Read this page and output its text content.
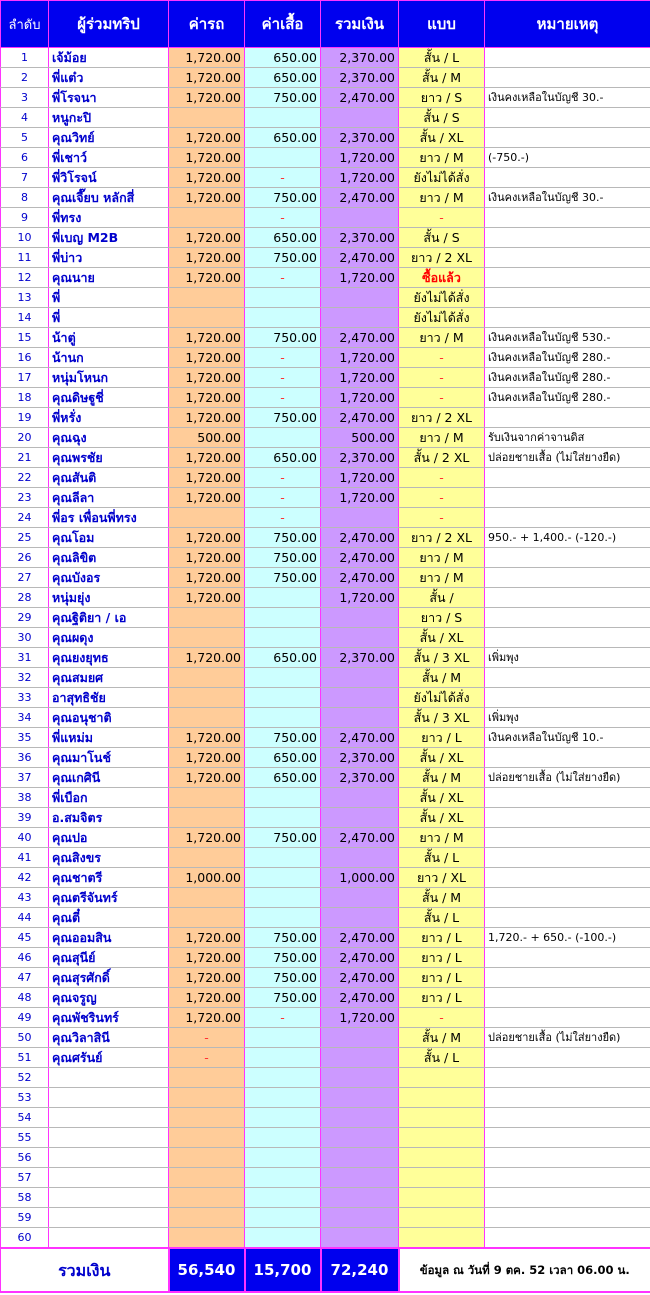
ลำดับ	ผู้ร่วมทริป	ค่ารถ	ค่าเสื้อ	รวมเงิน	แบบ	หมายเหตุ
1	เจ้ม้อย	1,720.00	650.00	2,370.00	สั้น / L	
2	พี่แต๋ว	1,720.00	650.00	2,370.00	สั้น / M	
3	พี่โรจนา	1,720.00	750.00	2,470.00	ยาว / S	เงินคงเหลือในบัญชี 30.-
4	หนูกะปิ				สั้น / S	
5	คุณวิทย์	1,720.00	650.00	2,370.00	สั้น / XL	
6	พี่เชาว์	1,720.00		1,720.00	ยาว / M	(-750.-)
7	พี่วิโรจน์	1,720.00	-	1,720.00	ยังไม่ได้สั่ง	
8	คุณเจี๊ยบ หลักสี่	1,720.00	750.00	2,470.00	ยาว / M	เงินคงเหลือในบัญชี 30.-
9	พี่ทรง		-		-	
10	พี่เบญ M2B	1,720.00	650.00	2,370.00	สั้น / S	
11	พี่บ่าว	1,720.00	750.00	2,470.00	ยาว / 2 XL	
12	คุณนาย	1,720.00	-	1,720.00	ซื้อแล้ว	
13	พี่				ยังไม่ได้สั่ง	
14	พี่				ยังไม่ได้สั่ง	
15	น้าตู่	1,720.00	750.00	2,470.00	ยาว / M	เงินคงเหลือในบัญชี 530.-
16	น้านก	1,720.00	-	1,720.00	-	เงินคงเหลือในบัญชี 280.-
17	หนุ่มโหนก	1,720.00	-	1,720.00	-	เงินคงเหลือในบัญชี 280.-
18	คุณดิษฐูชี่	1,720.00	-	1,720.00	-	เงินคงเหลือในบัญชี 280.-
19	พี่หรั่ง	1,720.00	750.00	2,470.00	ยาว / 2 XL	
20	คุณฉุง	500.00		500.00	ยาว / M	รับเงินจากค่าจานดิส
21	คุณพรชัย	1,720.00	650.00	2,370.00	สั้น / 2 XL	ปล่อยชายเสื้อ (ไม่ใส่ยางยืด)
22	คุณสันติ	1,720.00	-	1,720.00	-	
23	คุณลีลา	1,720.00	-	1,720.00	-	
24	พี่อร เพื่อนพี่ทรง		-		-	
25	คุณโอม	1,720.00	750.00	2,470.00	ยาว / 2 XL	950.- + 1,400.- (-120.-)
26	คุณลิขิต	1,720.00	750.00	2,470.00	ยาว / M	
27	คุณบังอร	1,720.00	750.00	2,470.00	ยาว / M	
28	หนุ่มยุ่ง	1,720.00		1,720.00	สั้น /	
29	คุณฐิติยา / เอ				ยาว / S	
30	คุณผดุง				สั้น / XL	
31	คุณยงยุทธ	1,720.00	650.00	2,370.00	สั้น / 3 XL	เพิ่มพุง
32	คุณสมยศ				สั้น / M	
33	อาสุทธิชัย				ยังไม่ได้สั่ง	
34	คุณอนุชาติ				สั้น / 3 XL	เพิ่มพุง
35	พี่แหม่ม	1,720.00	750.00	2,470.00	ยาว / L	เงินคงเหลือในบัญชี 10.-
36	คุณมาโนช์	1,720.00	650.00	2,370.00	สั้น / XL	
37	คุณเกศินี	1,720.00	650.00	2,370.00	สั้น / M	ปล่อยชายเสื้อ (ไม่ใส่ยางยืด)
38	พี่เบือก				สั้น / XL	
39	อ.สมจิตร				สั้น / XL	
40	คุณปอ	1,720.00	750.00	2,470.00	ยาว / M	
41	คุณสิงขร				สั้น / L	
42	คุณชาตรี	1,000.00		1,000.00	ยาว / XL	
43	คุณตรีจันทร์				สั้น / M	
44	คุณตี๋				สั้น / L	
45	คุณออมสิน	1,720.00	750.00	2,470.00	ยาว / L	1,720.- + 650.- (-100.-)
46	คุณสุนีย์	1,720.00	750.00	2,470.00	ยาว / L	
47	คุณสุรศักดิ์	1,720.00	750.00	2,470.00	ยาว / L	
48	คุณจรูญ	1,720.00	750.00	2,470.00	ยาว / L	
49	คุณพัชรินทร์	1,720.00	-	1,720.00	-	
50	คุณวิลาสินี	-			สั้น / M	ปล่อยชายเสื้อ (ไม่ใส่ยางยืด)
51	คุณศรันย์	-			สั้น / L	
52						
53						
54						
55						
56						
57						
58						
59						
60						
รวมเงิน		56,540	15,700	72,240	ข้อมูล ณ วันที่ 9 ตค. 52 เวลา 06.00 น.	
